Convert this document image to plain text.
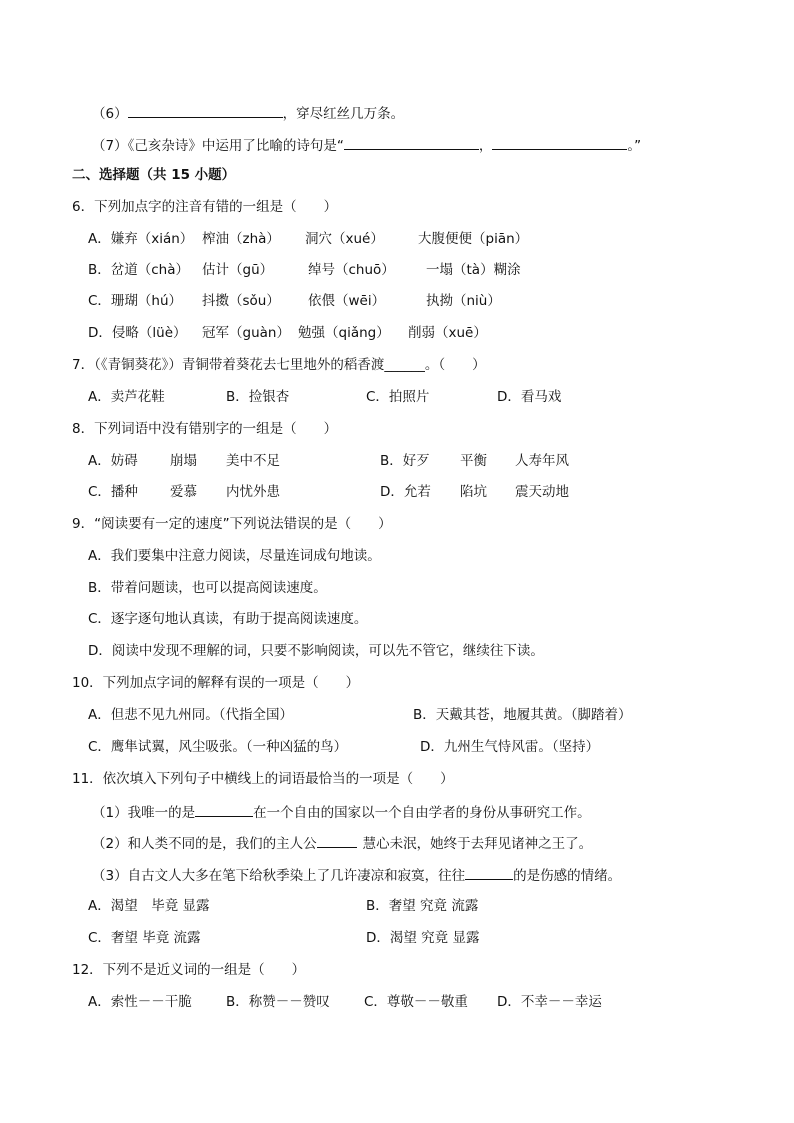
（6）	，穿尽红丝几万条。
（7）《己亥杂诗》中运用了比喻的诗句是“	，	。”
二、选择题（共 15 小题）
6．下列加点字的注音有错的一组是（　　）
A．嫌弃（xián） 榨油（zhà） 洞穴（xué）	大腹便便（piān）
B．岔道（chà） 估计（gū）	绰号（chuō） 一塌（tà）糊涂
C．珊瑚（hú） 抖擞（sǒu） 依偎（wēi）	执拗（niù）
D．侵略（lüè） 冠军（guàn） 勉强（qiǎng） 削弱（xuē）
7．（《青铜葵花》）青铜带着葵花去七里地外的稻香渡______。（　　）
A．卖芦花鞋	B．捡银杏	C．拍照片	D．看马戏
8．下列词语中没有错别字的一组是（　　）
A．妨碍 崩塌 美中不足	B．好歹 平衡 人寿年风
C．播种 爱慕 内忧外患	D．允若 陷坑 震天动地
9．“阅读要有一定的速度”下列说法错误的是（　　）
A．我们要集中注意力阅读，尽量连词成句地读。
B．带着问题读，也可以提高阅读速度。
C．逐字逐句地认真读，有助于提高阅读速度。
D．阅读中发现不理解的词，只要不影响阅读，可以先不管它，继续往下读。
10．下列加点字词的解释有误的一项是（　　）
A．但悲不见九州同。（代指全国）	B．天戴其苍，地履其黄。（脚踏着）
C．鹰隼试翼，风尘吸张。（一种凶猛的鸟）	D．九州生气恃风雷。（坚持）
11．依次填入下列句子中横线上的词语最恰当的一项是（　　）
（1）我唯一的是	在一个自由的国家以一个自由学者的身份从事研究工作。
（2）和人类不同的是，我们的主人公	慧心未泯，她终于去拜见诸神之王了。
（3）自古文人大多在笔下给秋季染上了几许凄凉和寂寞，往往	的是伤感的情绪。
A．渴望　毕竟 显露	B．奢望 究竟 流露
C．奢望 毕竟 流露	D．渴望 究竟 显露
12．下列不是近义词的一组是（　　）
A．索性－－干脆	B．称赞－－赞叹	C．尊敬－－敬重 D．不幸－－幸运
